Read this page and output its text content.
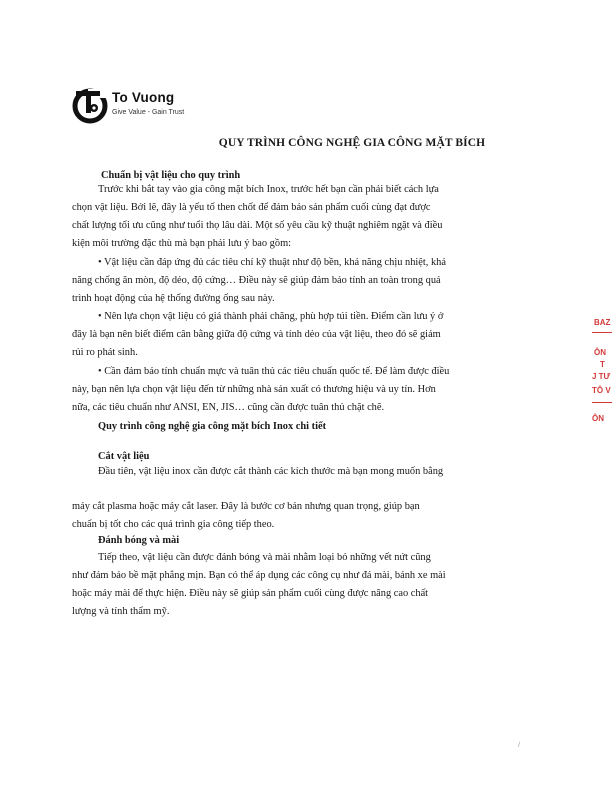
To Vuong
Give Value - Gain Trust
QUY TRÌNH CÔNG NGHỆ GIA CÔNG MẶT BÍCH
Chuẩn bị vật liệu cho quy trình
Trước khi bắt tay vào gia công mặt bích Inox, trước hết bạn cần phải biết cách lựa
chọn vật liệu. Bởi lẽ, đây là yếu tố then chốt để đảm bảo sản phẩm cuối cùng đạt được
chất lượng tối ưu cũng như tuổi thọ lâu dài. Một số yêu cầu kỹ thuật nghiêm ngặt và điều
kiện môi trường đặc thù mà bạn phải lưu ý bao gồm:
• Vật liệu cần đáp ứng đủ các tiêu chí kỹ thuật như độ bền, khả năng chịu nhiệt, khả
năng chống ăn mòn, độ dẻo, độ cứng… Điều này sẽ giúp đảm bảo tính an toàn trong quá
trình hoạt động của hệ thống đường ống sau này.
• Nên lựa chọn vật liệu có giá thành phải chăng, phù hợp túi tiền. Điểm cần lưu ý ở
đây là bạn nên biết điểm cân bằng giữa độ cứng và tính dẻo của vật liệu, theo đó sẽ giảm
rủi ro phát sinh.
• Cần đảm bảo tính chuẩn mực và tuân thủ các tiêu chuẩn quốc tế. Để làm được điều
này, bạn nên lựa chọn vật liệu đến từ những nhà sản xuất có thương hiệu và uy tín. Hơn
nữa, các tiêu chuẩn như ANSI, EN, JIS… cũng cần được tuân thủ chặt chẽ.
Quy trình công nghệ gia công mặt bích Inox chi tiết
Cắt vật liệu
Đầu tiên, vật liệu inox cần được cắt thành các kích thước mà bạn mong muốn bằng
máy cắt plasma hoặc máy cắt laser. Đây là bước cơ bản nhưng quan trọng, giúp bạn
chuẩn bị tốt cho các quá trình gia công tiếp theo.
Đánh bóng và mài
Tiếp theo, vật liệu cần được đánh bóng và mài nhằm loại bỏ những vết nứt cũng
như đảm bảo bề mặt phẳng mịn. Bạn có thể áp dụng các công cụ như đá mài, bánh xe mài
hoặc máy mài để thực hiện. Điều này sẽ giúp sản phẩm cuối cùng được nâng cao chất
lượng và tính thẩm mỹ.
BAZ
ÔN
T
J TƯ
TÔ V
ÔN
/
